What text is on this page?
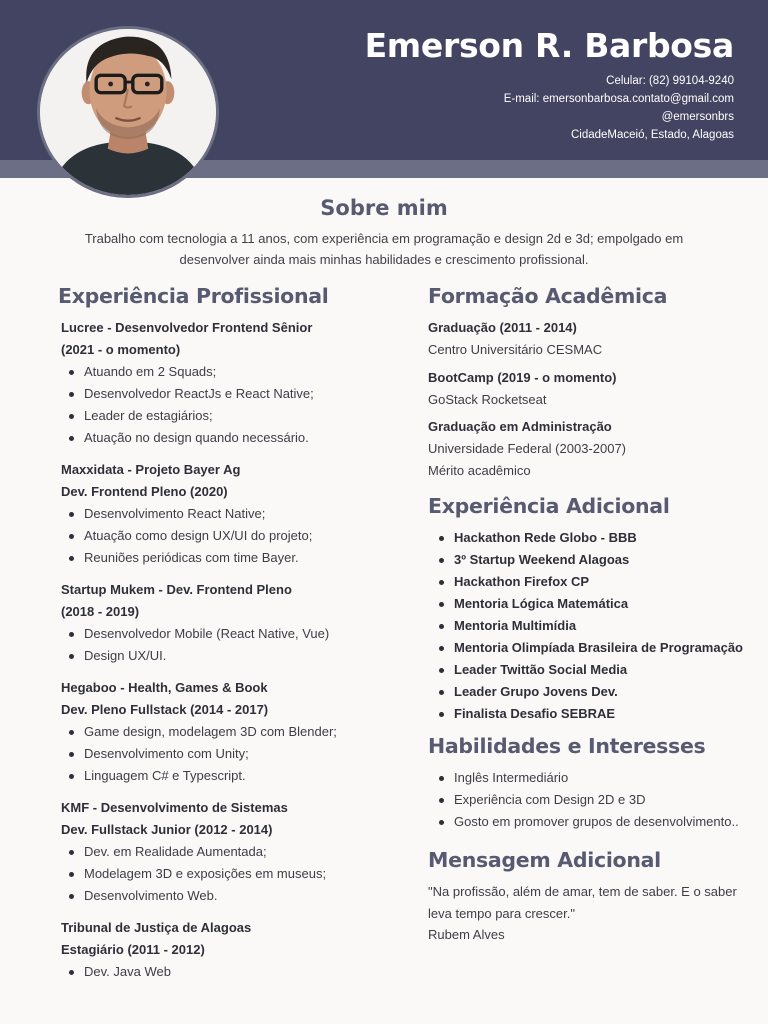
Emerson R. Barbosa
Celular: (82) 99104-9240
E-mail: emersonbarbosa.contato@gmail.com
@emersonbrs
CidadeMaceió, Estado, Alagoas
Sobre mim
Trabalho com tecnologia a 11 anos, com experiência em programação e design 2d e 3d; empolgado em desenvolver ainda mais minhas habilidades e crescimento profissional.
Experiência Profissional
Lucree - Desenvolvedor Frontend Sênior
(2021 - o momento)
Atuando em 2 Squads;
Desenvolvedor ReactJs e React Native;
Leader de estagiários;
Atuação no design quando necessário.
Maxxidata - Projeto Bayer Ag
Dev. Frontend Pleno (2020)
Desenvolvimento React Native;
Atuação como design UX/UI do projeto;
Reuniões periódicas com time Bayer.
Startup Mukem - Dev. Frontend Pleno
(2018 - 2019)
Desenvolvedor Mobile (React Native, Vue)
Design UX/UI.
Hegaboo - Health, Games & Book
Dev. Pleno Fullstack (2014 - 2017)
Game design, modelagem 3D com Blender;
Desenvolvimento com Unity;
Linguagem C# e Typescript.
KMF - Desenvolvimento de Sistemas
Dev. Fullstack Junior (2012 - 2014)
Dev. em Realidade Aumentada;
Modelagem 3D e exposições em museus;
Desenvolvimento Web.
Tribunal de Justiça de Alagoas
Estagiário (2011 - 2012)
Dev. Java Web
Formação Acadêmica
Graduação (2011 - 2014)
Centro Universitário CESMAC
BootCamp (2019 - o momento)
GoStack Rocketseat
Graduação em Administração
Universidade Federal (2003-2007)
Mérito acadêmico
Experiência Adicional
Hackathon Rede Globo - BBB
3º Startup Weekend Alagoas
Hackathon Firefox CP
Mentoria Lógica Matemática
Mentoria Multimídia
Mentoria Olimpíada Brasileira de Programação
Leader Twittão Social Media
Leader Grupo Jovens Dev.
Finalista Desafio SEBRAE
Habilidades e Interesses
Inglês Intermediário
Experiência com Design 2D e 3D
Gosto em promover grupos de desenvolvimento..
Mensagem Adicional
"Na profissão, além de amar, tem de saber. E o saber leva tempo para crescer."
Rubem Alves
